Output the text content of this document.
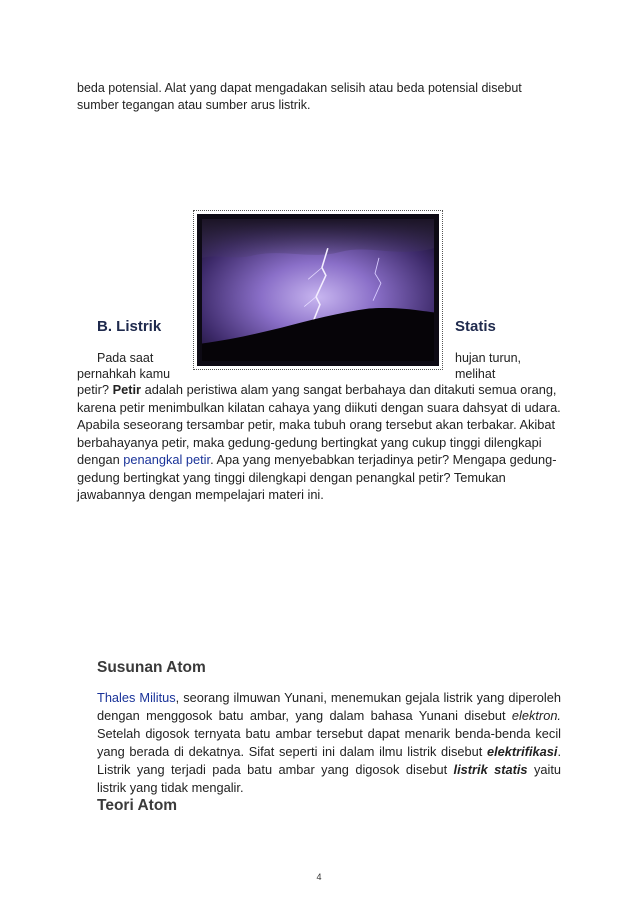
beda potensial. Alat yang dapat mengadakan selisih atau beda potensial disebut
sumber tegangan atau sumber arus listrik.
B. Listrik	Statis
Pada saat	hujan turun,
pernahkah kamu	melihat
petir? Petir adalah peristiwa alam yang sangat berbahaya dan ditakuti semua orang, karena petir menimbulkan kilatan cahaya yang diikuti dengan suara dahsyat di udara. Apabila seseorang tersambar petir, maka tubuh orang tersebut akan terbakar. Akibat berbahayanya petir, maka gedung-gedung bertingkat yang cukup tinggi dilengkapi dengan penangkal petir. Apa yang menyebabkan terjadinya petir? Mengapa gedung-gedung bertingkat yang tinggi dilengkapi dengan penangkal petir? Temukan jawabannya dengan mempelajari materi ini.
Susunan Atom
Thales Militus, seorang ilmuwan Yunani, menemukan gejala listrik yang diperoleh dengan menggosok batu ambar, yang dalam bahasa Yunani disebut elektron. Setelah digosok ternyata batu ambar tersebut dapat menarik benda-benda kecil yang berada di dekatnya. Sifat seperti ini dalam ilmu listrik disebut elektrifikasi. Listrik yang terjadi pada batu ambar yang digosok disebut listrik statis yaitu listrik yang tidak mengalir.
Teori Atom
4
